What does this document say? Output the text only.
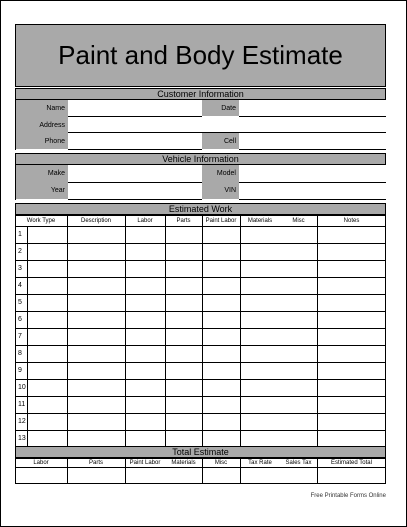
Paint and Body Estimate
Customer Information
Name	Date
Address
Phone	Cell
Vehicle Information
Make	Model
Year	VIN
Estimated Work
Work Type	Description	Labor	Parts	Paint Labor	Materials	Misc	Notes
1
2
3
4
5
6
7
8
9
10
11
12
13
Total Estimate
Labor	Parts	Paint Labor	Materials	Misc	Tax Rate	Sales Tax	Estimated Total
Free Printable Forms Online
